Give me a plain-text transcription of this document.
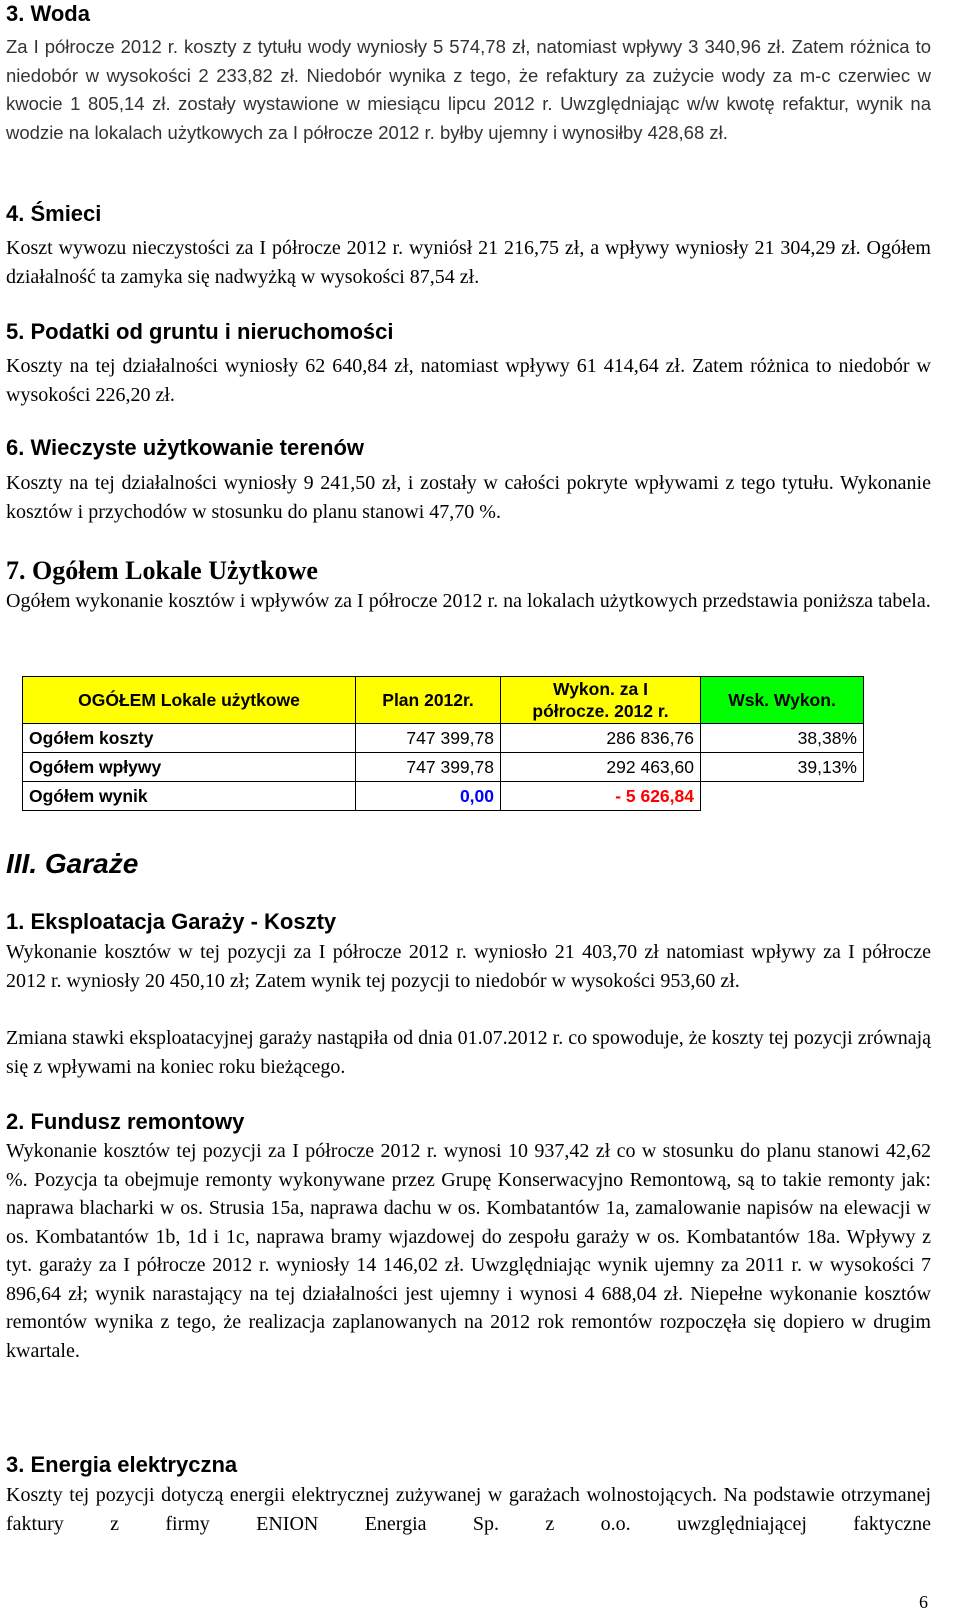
3. Woda

Za I półrocze 2012 r. koszty z tytułu wody wyniosły 5 574,78 zł, natomiast wpływy 3 340,96 zł. Zatem różnica to niedobór w wysokości 2 233,82 zł. Niedobór wynika z tego, że refaktury za zużycie wody za m-c czerwiec w kwocie 1 805,14 zł. zostały wystawione w miesiącu lipcu 2012 r. Uwzględniając w/w kwotę refaktur, wynik na wodzie na lokalach użytkowych za I półrocze 2012 r. byłby ujemny i wynosiłby 428,68 zł.

4. Śmieci

Koszt wywozu nieczystości za I półrocze 2012 r. wyniósł 21 216,75 zł, a wpływy wyniosły 21 304,29 zł. Ogółem działalność ta zamyka się nadwyżką w wysokości 87,54 zł.

5. Podatki od gruntu i nieruchomości

Koszty na tej działalności wyniosły 62 640,84 zł, natomiast wpływy 61 414,64 zł. Zatem różnica to niedobór w wysokości 226,20 zł.

6. Wieczyste użytkowanie terenów

Koszty na tej działalności wyniosły 9 241,50 zł, i zostały w całości pokryte wpływami z tego tytułu. Wykonanie kosztów i przychodów w stosunku do planu stanowi 47,70 %.

7. Ogółem Lokale Użytkowe

Ogółem wykonanie kosztów i wpływów za I półrocze 2012 r. na lokalach użytkowych przedstawia poniższa tabela.

OGÓŁEM Lokale użytkowe	Plan 2012r.	Wykon. za I
półrocze. 2012 r.	Wsk. Wykon.
Ogółem koszty	747 399,78	286 836,76	38,38%
Ogółem wpływy	747 399,78	292 463,60	39,13%
Ogółem wynik	0,00	- 5 626,84	
III. Garaże
1. Eksploatacja Garaży - Koszty

Wykonanie kosztów w tej pozycji za I półrocze 2012 r. wyniosło 21 403,70 zł natomiast wpływy za I półrocze 2012 r. wyniosły 20 450,10 zł; Zatem wynik tej pozycji to niedobór w wysokości 953,60 zł.

Zmiana stawki eksploatacyjnej garaży nastąpiła od dnia 01.07.2012 r. co spowoduje, że koszty tej pozycji zrównają się z wpływami na koniec roku bieżącego.

2. Fundusz remontowy

Wykonanie kosztów tej pozycji za I półrocze 2012 r. wynosi 10 937,42 zł co w stosunku do planu stanowi 42,62 %. Pozycja ta obejmuje remonty wykonywane przez Grupę Konserwacyjno Remontową, są to takie remonty jak: naprawa blacharki w os. Strusia 15a, naprawa dachu w os. Kombatantów 1a, zamalowanie napisów na elewacji w os. Kombatantów 1b, 1d i 1c, naprawa bramy wjazdowej do zespołu garaży w os. Kombatantów 18a. Wpływy z tyt. garaży za I półrocze 2012 r. wyniosły 14 146,02 zł. Uwzględniając wynik ujemny za 2011 r. w wysokości 7 896,64 zł; wynik narastający na tej działalności jest ujemny i wynosi 4 688,04 zł. Niepełne wykonanie kosztów remontów wynika z tego, że realizacja zaplanowanych na 2012 rok remontów rozpoczęła się dopiero w drugim kwartale.

3. Energia elektryczna

Koszty tej pozycji dotyczą energii elektrycznej zużywanej w garażach wolnostojących. Na podstawie otrzymanej faktury z firmy ENION Energia Sp. z o.o. uwzględniającej faktyczne

6
